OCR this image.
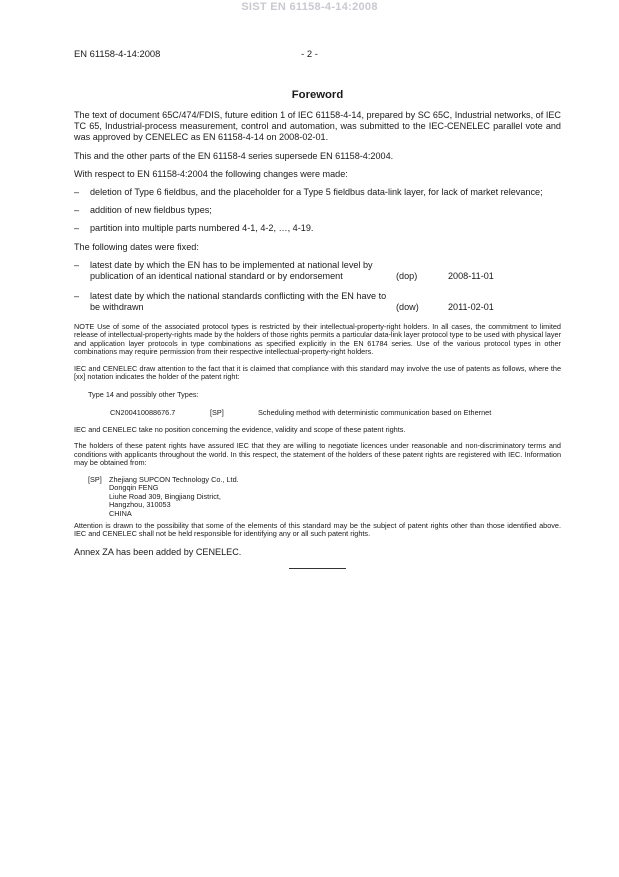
SIST EN 61158-4-14:2008
EN 61158-4-14:2008	- 2 -
Foreword
The text of document 65C/474/FDIS, future edition 1 of IEC 61158-4-14, prepared by SC 65C, Industrial networks, of IEC TC 65, Industrial-process measurement, control and automation, was submitted to the IEC-CENELEC parallel vote and was approved by CENELEC as EN 61158-4-14 on 2008-02-01.
This and the other parts of the EN 61158-4 series supersede EN 61158-4:2004.
With respect to EN 61158-4:2004 the following changes were made:
–	deletion of Type 6 fieldbus, and the placeholder for a Type 5 fieldbus data-link layer, for lack of market relevance;
–	addition of new fieldbus types;
–	partition into multiple parts numbered 4-1, 4-2, …, 4-19.
The following dates were fixed:
–	latest date by which the EN has to be implemented at national level by publication of an identical national standard or by endorsement	(dop)	2008-11-01
–	latest date by which the national standards conflicting with the EN have to be withdrawn	(dow)	2011-02-01
NOTE Use of some of the associated protocol types is restricted by their intellectual-property-right holders. In all cases, the commitment to limited release of intellectual-property-rights made by the holders of those rights permits a particular data-link layer protocol type to be used with physical layer and application layer protocols in type combinations as specified explicitly in the EN 61784 series. Use of the various protocol types in other combinations may require permission from their respective intellectual-property-right holders.
IEC and CENELEC draw attention to the fact that it is claimed that compliance with this standard may involve the use of patents as follows, where the [xx] notation indicates the holder of the patent right:
Type 14 and possibly other Types:
CN200410088676.7	[SP]	Scheduling method with deterministic communication based on Ethernet
IEC and CENELEC take no position concerning the evidence, validity and scope of these patent rights.
The holders of these patent rights have assured IEC that they are willing to negotiate licences under reasonable and non-discriminatory terms and conditions with applicants throughout the world. In this respect, the statement of the holders of these patent rights are registered with IEC. Information may be obtained from:
[SP] Zhejiang SUPCON Technology Co., Ltd.
Dongqin FENG
Liuhe Road 309, Bingjiang District,
Hangzhou, 310053
CHINA
Attention is drawn to the possibility that some of the elements of this standard may be the subject of patent rights other than those identified above. IEC and CENELEC shall not be held responsible for identifying any or all such patent rights.
Annex ZA has been added by CENELEC.
